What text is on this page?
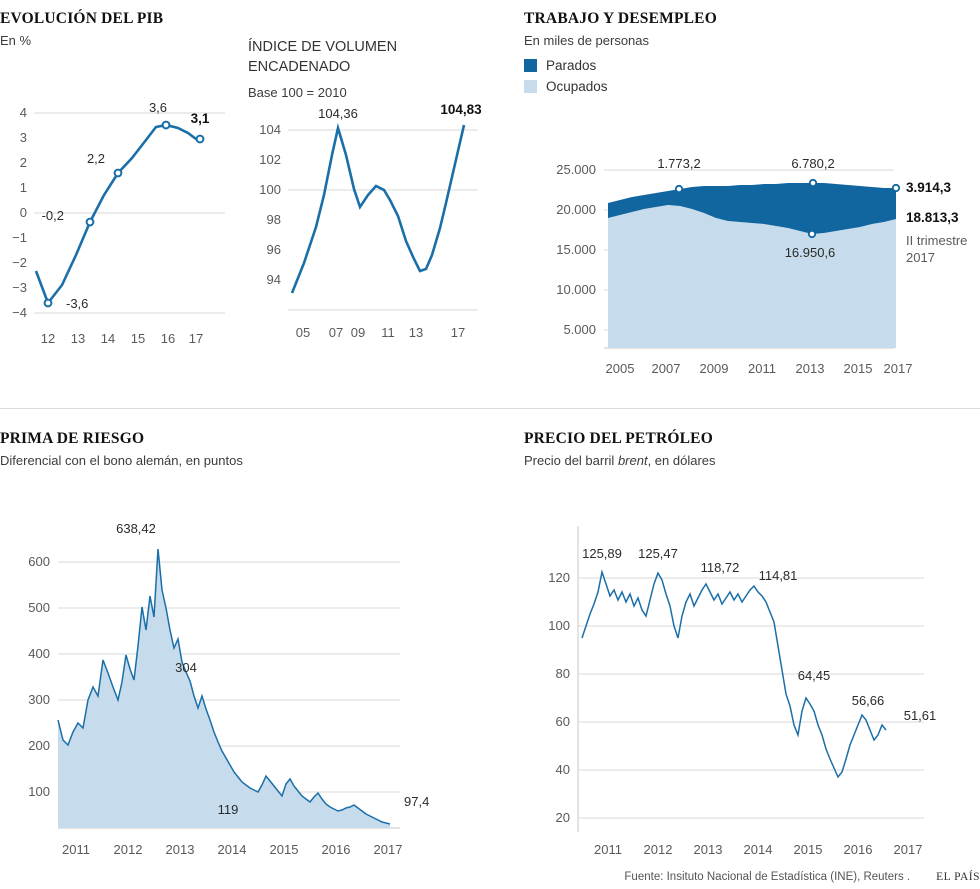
EVOLUCIÓN DEL PIB
En %	ÍNDICE DE VOLUMEN
ENCADENADO
Base 100 = 2010
4
3
2
1
0
−1
−2
−3
−4
12 13 14 15 16 17
-3,6
-0,2
2,2
3,6
3,1
104
102
100
98
96
94
05 07 09 11 13 17
104,36	104,83
TRABAJO Y DESEMPLEO
En miles de personas
Parados
Ocupados
25.000
20.000
15.000
10.000
5.000
2005 2007 2009 2011 2013 2015 2017
1.773,2	6.780,2
16.950,6
3.914,3
18.813,3
II trimestre
2017
PRIMA DE RIESGO
Diferencial con el bono alemán, en puntos
600
500
400
300
200
100
2011 2012 2013 2014 2015 2016 2017
638,42
304
119
97,4
PRECIO DEL PETRÓLEO
Precio del barril brent, en dólares
120
100
80
60
40
20
2011 2012 2013 2014 2015 2016 2017
125,89 125,47
118,72
114,81
64,45
56,66
51,61
Fuente: Insituto Nacional de Estadística (INE), Reuters . EL PAÍS
